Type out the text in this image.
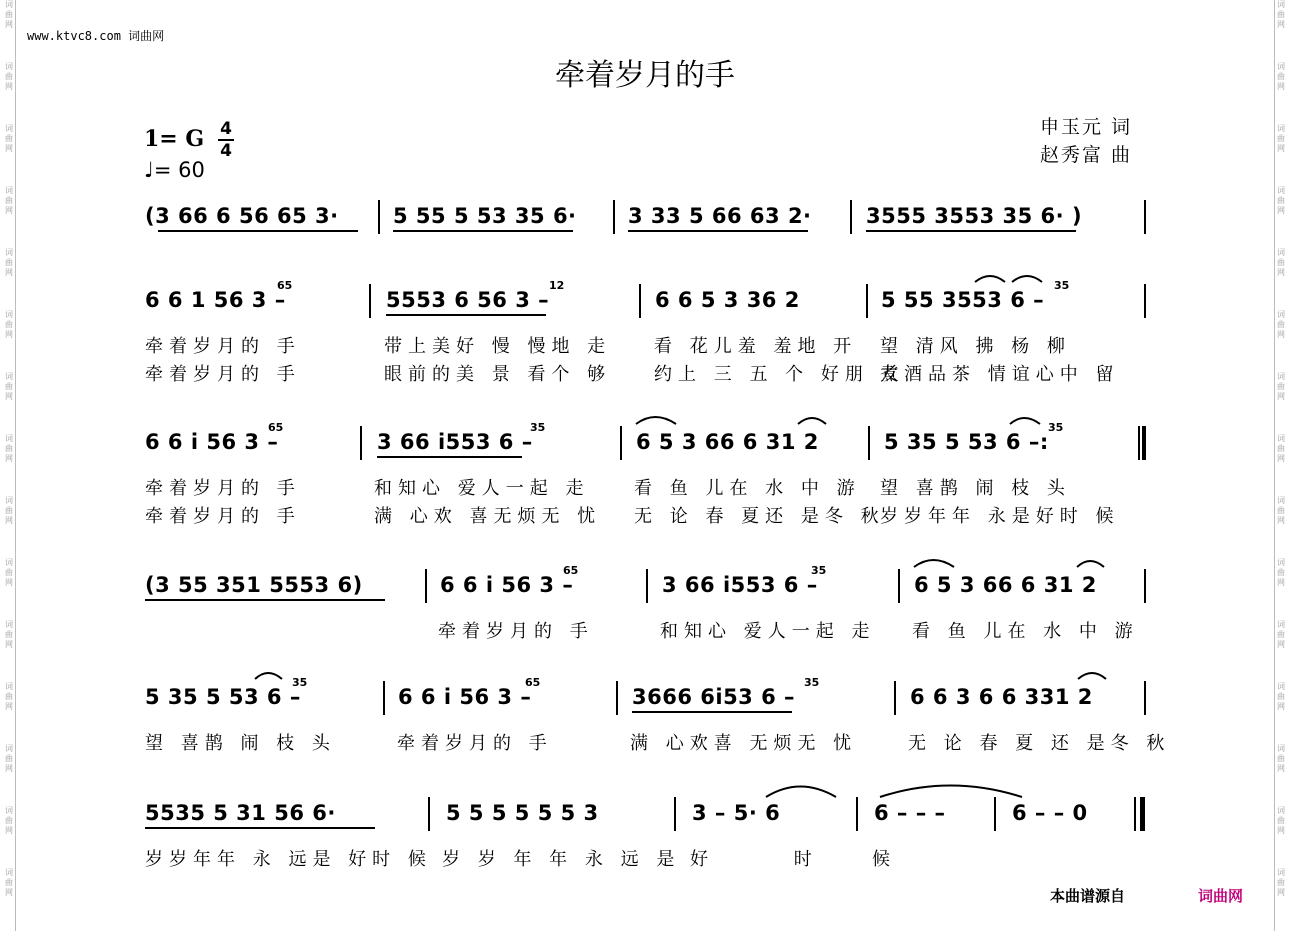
词
曲
网
词
曲
网
词
曲
网
词
曲
网
词
曲
网
词
曲
网
词
曲
网
词
曲
网
词
曲
网
词
曲
网
词
曲
网
词
曲
网
词
曲
网
词
曲
网
词
曲
网
词
曲
网
词
曲
网
词
曲
网
词
曲
网
词
曲
网
词
曲
网
词
曲
网
词
曲
网
词
曲
网
词
曲
网
词
曲
网
词
曲
网
词
曲
网
词
曲
网
词
曲
网
www.ktvc8.com 词曲网
牵着岁月的手
申玉元 词
赵秀富 曲
1= G 4
4
♩= 60
(3 66 6 56 65 3·	5 55 5 53 35 6· 3 33 5 66 63 2·	3555 3553 35 6· )
6 6 1 56 3 –
65
5553 6 56 3 –
12
6 6 5 3 36 2	5 55 3553 6 –
35
牵着岁月的 手	带上美好 慢 慢地 走 看 花儿羞 羞地 开 望 清风 拂 杨 柳
牵着岁月的 手	眼前的美 景 看个 够 约上 三 五 个 好朋 友
煮酒品茶 情谊心中 留
6 6 i 56 3 –
65
3 66 i553 6 –
35
6 5 3 66 6 31 2	5 35 5 53 6 –:
35
牵着岁月的 手	和知心 爱人一起 走 看 鱼 儿在 水 中 游 望 喜鹊 闹 枝 头
牵着岁月的 手	满 心欢 喜无烦无 忧 无 论 春 夏还 是冬 秋
岁岁年年 永是好时 候
(3 55 351 5553 6)	6 6 i 56 3 –
65
3 66 i553 6 –
35
6 5 3 66 6 31 2
牵着岁月的 手	和知心 爱人一起 走 看 鱼 儿在 水 中 游
5 35 5 53 6 –
35
6 6 i 56 3 –
65
3666 6i53 6 –
35
6 6 3 6 6 331 2
望 喜鹊 闹 枝 头	牵着岁月的 手	满 心欢喜 无烦无 忧	无 论 春 夏 还 是冬 秋
5535 5 31 56 6·	5 5 5 5 5 5 3	3 – 5· 6	6 – – –	6 – – 0
岁岁年年 永 远是 好时 候 岁 岁 年 年 永 远 是 好 时 候
本曲谱源自	词曲网
